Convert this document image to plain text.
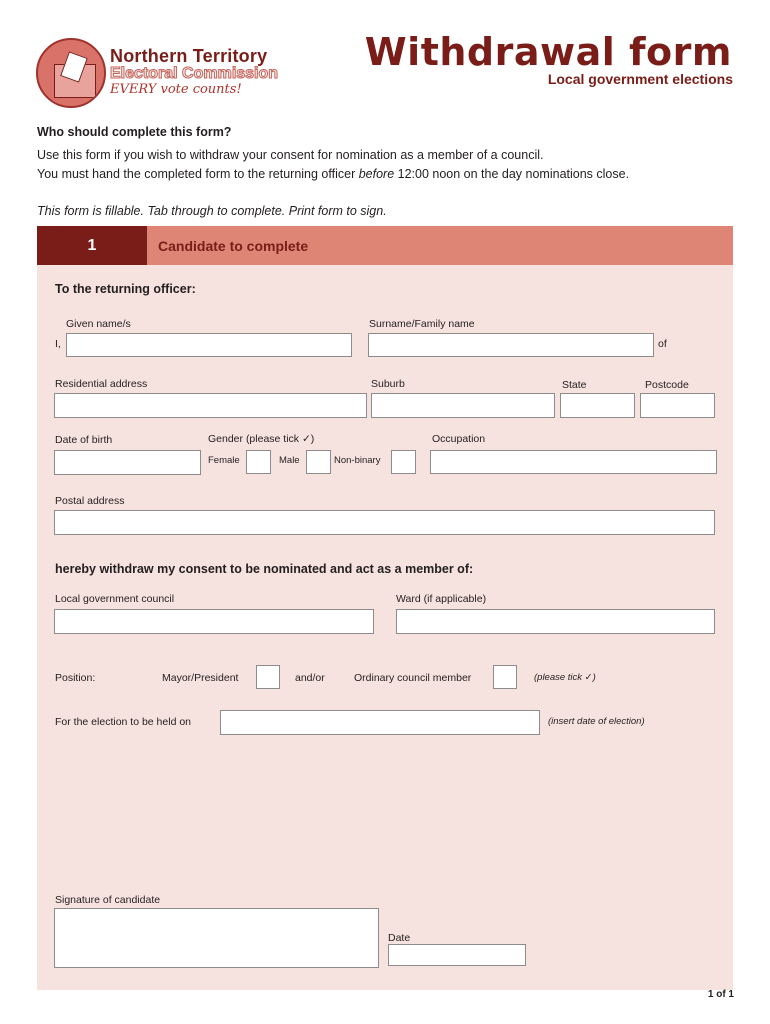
Northern Territory
Electoral Commission
EVERY vote counts!
Withdrawal form
Local government elections
Who should complete this form?
Use this form if you wish to withdraw your consent for nomination as a member of a council.
You must hand the completed form to the returning officer before 12:00 noon on the day nominations close.
This form is fillable. Tab through to complete. Print form to sign.
1	Candidate to complete
To the returning officer:
Given name/s	Surname/Family name
I,	of
Residential address	Suburb	State	Postcode
Date of birth	Gender (please tick ✓)	Occupation
Female	Male	Non-binary
Postal address
hereby withdraw my consent to be nominated and act as a member of:
Local government council	Ward (if applicable)
Position:	Mayor/President	and/or	Ordinary council member	(please tick ✓)
For the election to be held on	(insert date of election)
Signature of candidate
Date
1 of 1
